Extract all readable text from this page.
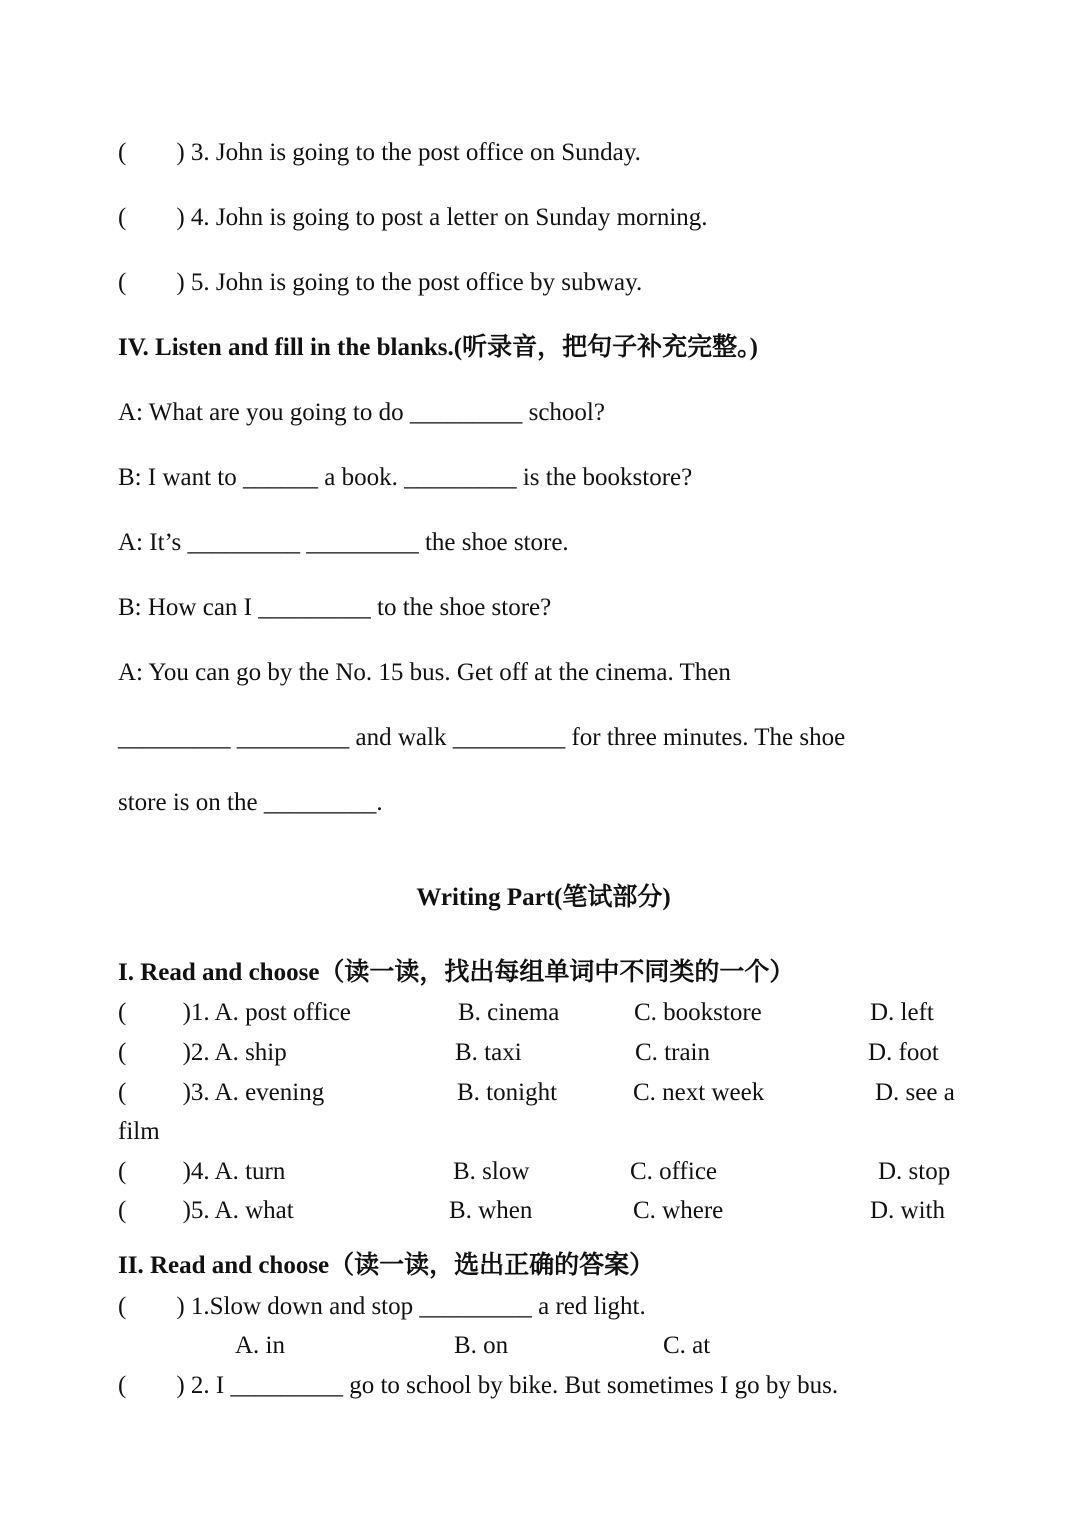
(        ) 3. John is going to the post office on Sunday.
(        ) 4. John is going to post a letter on Sunday morning.
(        ) 5. John is going to the post office by subway.
IV. Listen and fill in the blanks.(听录音，把句子补充完整。)
A: What are you going to do _________ school?
B: I want to ______ a book. _________ is the bookstore?
A: It’s _________ _________ the shoe store.
B: How can I _________ to the shoe store?
A: You can go by the No. 15 bus. Get off at the cinema. Then
_________ _________ and walk _________ for three minutes. The shoe
store is on the _________.
Writing Part(笔试部分)
I. Read and choose（读一读，找出每组单词中不同类的一个）
(         )1. A. post office	B. cinema	C. bookstore	D. left
(         )2. A. ship	B. taxi	C. train	D. foot
(         )3. A. evening	B. tonight	C. next week	D. see a
film
(         )4. A. turn	B. slow	C. office	D. stop
(         )5. A. what	B. when	C. where	D. with
II. Read and choose（读一读，选出正确的答案）
(        ) 1.Slow down and stop _________ a red light.
A. in	B. on	C. at
(        ) 2. I _________ go to school by bike. But sometimes I go by bus.
